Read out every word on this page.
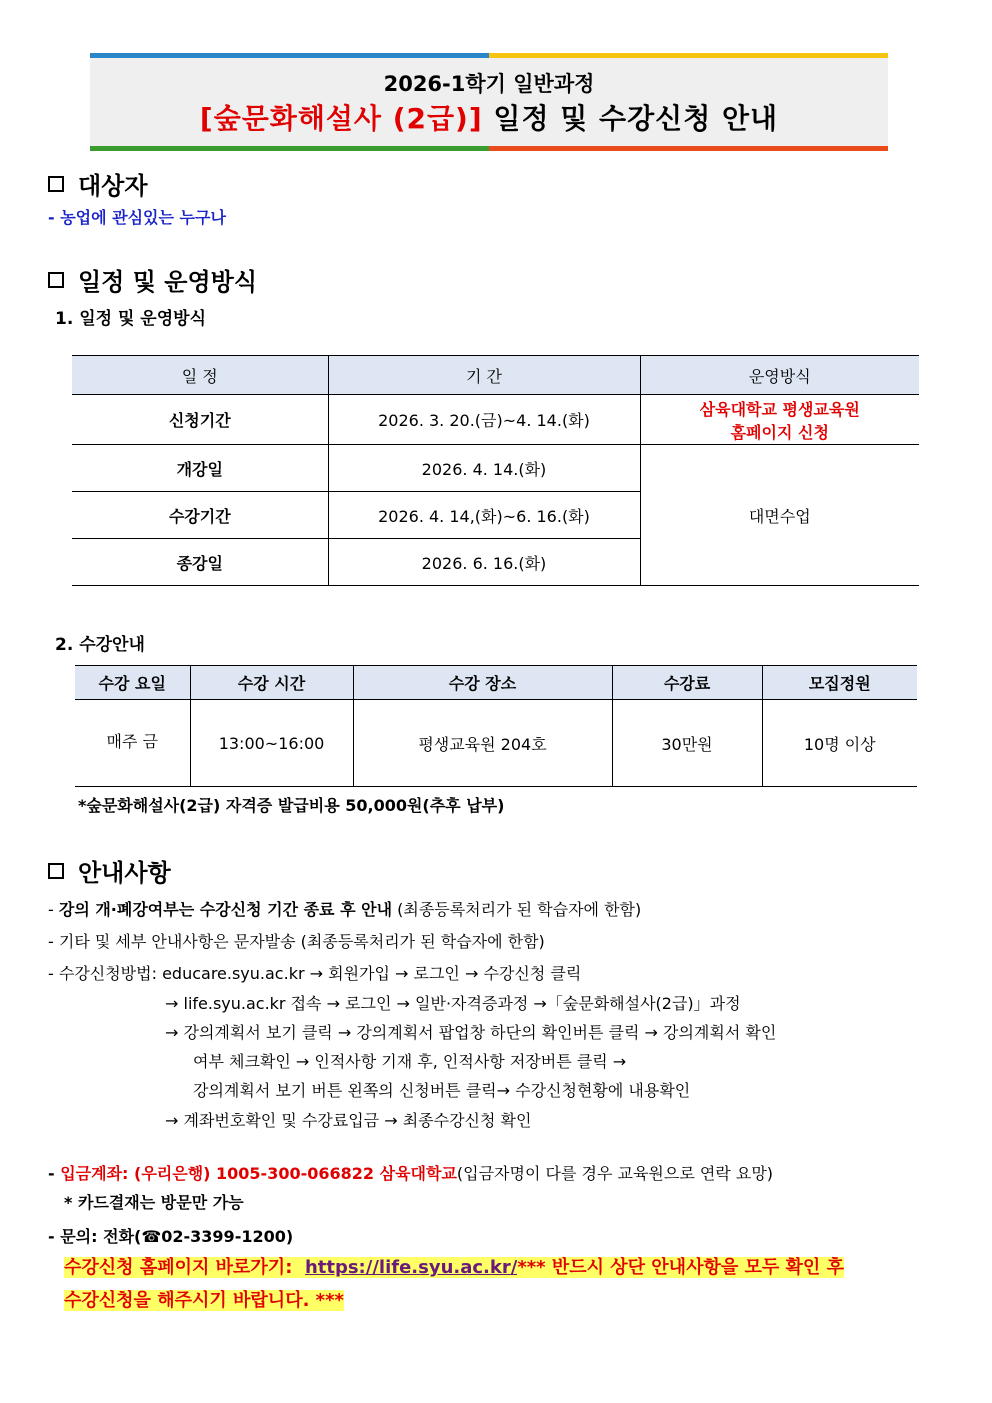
2026-1학기 일반과정
[숲문화해설사 (2급)] 일정 및 수강신청 안내
대상자
- 농업에 관심있는 누구나
일정 및 운영방식
1. 일정 및 운영방식
일 정	기 간	운영방식
신청기간	2026. 3. 20.(금)~4. 14.(화)	삼육대학교 평생교육원 홈페이지 신청
개강일	2026. 4. 14.(화)	대면수업
수강기간	2026. 4. 14,(화)~6. 16.(화)	
종강일	2026. 6. 16.(화)	
2. 수강안내
수강 요일	수강 시간	수강 장소	수강료	모집정원
매주 금	13:00~16:00	평생교육원 204호	30만원	10명 이상
*숲문화해설사(2급) 자격증 발급비용 50,000원(추후 납부)
안내사항
- 강의 개·폐강여부는 수강신청 기간 종료 후 안내 (최종등록처리가 된 학습자에 한함)
- 기타 및 세부 안내사항은 문자발송 (최종등록처리가 된 학습자에 한함)
- 수강신청방법: educare.syu.ac.kr → 회원가입 → 로그인 → 수강신청 클릭
→ life.syu.ac.kr 접속 → 로그인 → 일반·자격증과정 →「숲문화해설사(2급)」과정
→ 강의계획서 보기 클릭 → 강의계획서 팝업창 하단의 확인버튼 클릭 → 강의계획서 확인
여부 체크확인 → 인적사항 기재 후, 인적사항 저장버튼 클릭 →
강의계획서 보기 버튼 왼쪽의 신청버튼 클릭→ 수강신청현황에 내용확인
→ 계좌번호확인 및 수강료입금 → 최종수강신청 확인
- 입금계좌: (우리은행) 1005-300-066822 삼육대학교(입금자명이 다를 경우 교육원으로 연락 요망)
* 카드결재는 방문만 가능
- 문의: 전화(☎02-3399-1200)
수강신청 홈페이지 바로가기:  https://life.syu.ac.kr/*** 반드시 상단 안내사항을 모두 확인 후
수강신청을 해주시기 바랍니다. ***
